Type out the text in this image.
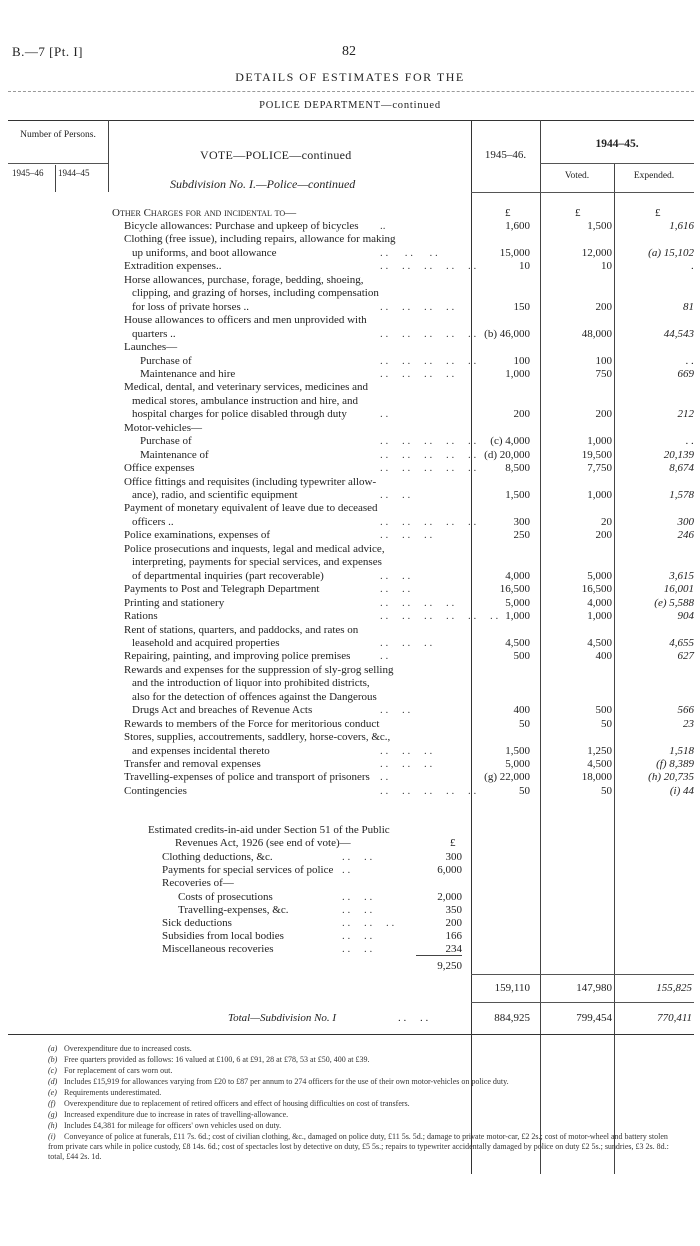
B.—7 [Pt. I]	82
DETAILS OF ESTIMATES FOR THE
POLICE DEPARTMENT—continued
Number of Persons.
1945–46 1944–45
VOTE—POLICE—continued
Subdivision No. I.—Police—continued
1945–46.
1944–45.
Voted.	Expended.
Other Charges for and incidental to—	£	£	£
Bicycle allowances: Purchase and upkeep of bicycles ..	1,600	1,500	1,616
Clothing (free issue), including repairs, allowance for making
up uniforms, and boot allowance	. .      . .      . .	15,000	12,000	(a) 15,102
Extradition expenses..	. .     . .     . .     . .     . .	10	10	.
Horse allowances, purchase, forage, bedding, shoeing,
clipping, and grazing of horses, including compensation
for loss of private horses ..	. .     . .     . .     . .	150	200	81
House allowances to officers and men unprovided with
quarters ..	. .     . .     . .     . .     . . (b) 46,000	48,000	44,543
Launches—
Purchase of	. .     . .     . .     . .     . .	100	100	. .
Maintenance and hire	. .     . .     . .     . .	1,000	750	669
Medical, dental, and veterinary services, medicines and
medical stores, ambulance instruction and hire, and
hospital charges for police disabled through duty	. .	200	200	212
Motor-vehicles—
Purchase of	. .     . .     . .     . .     . .	(c) 4,000	1,000	. .
Maintenance of	. .     . .     . .     . .     . . (d) 20,000	19,500	20,139
Office expenses	. .     . .     . .     . .     . .	8,500	7,750	8,674
Office fittings and requisites (including typewriter allow-
ance), radio, and scientific equipment	. .     . .	1,500	1,000	1,578
Payment of monetary equivalent of leave due to deceased
officers ..	. .     . .     . .     . .     . .	300	20	300
Police examinations, expenses of	. .     . .     . .	250	200	246
Police prosecutions and inquests, legal and medical advice,
interpreting, payments for special services, and expenses
of departmental inquiries (part recoverable)	. .     . .	4,000	5,000	3,615
Payments to Post and Telegraph Department	. .     . .	16,500	16,500	16,001
Printing and stationery	. .     . .     . .     . .	5,000	4,000	(e) 5,588
Rations	. .     . .     . .     . .     . .     . . 1,000	1,000	904
Rent of stations, quarters, and paddocks, and rates on
leasehold and acquired properties	. .     . .     . .	4,500	4,500	4,655
Repairing, painting, and improving police premises	. .	500	400	627
Rewards and expenses for the suppression of sly-grog selling
and the introduction of liquor into prohibited districts,
also for the detection of offences against the Dangerous
Drugs Act and breaches of Revenue Acts	. .     . .	400	500	566
Rewards to members of the Force for meritorious conduct	50	50	23
Stores, supplies, accoutrements, saddlery, horse-covers, &c.,
and expenses incidental thereto	. .     . .     . .	1,500	1,250	1,518
Transfer and removal expenses	. .     . .     . .	5,000	4,500	(f) 8,389
Travelling-expenses of police and transport of prisoners . .	(g) 22,000	18,000	(h) 20,735
Contingencies	. .     . .     . .     . .     . .	50	50	(i) 44
Estimated credits-in-aid under Section 51 of the Public
Revenues Act, 1926 (see end of vote)—	£
Clothing deductions, &c.	. .     . .	300
Payments for special services of police . .	6,000
Recoveries of—
Costs of prosecutions	. .     . .	2,000
Travelling-expenses, &c.	. .     . .	350
Sick deductions	. .     . .     . .	200
Subsidies from local bodies	. .     . .	166
Miscellaneous recoveries	. .     . .	234
9,250
159,110	147,980	155,825
Total—Subdivision No. I	. .     . .	884,925	799,454	770,411
(a) Overexpenditure due to increased costs.
(b) Free quarters provided as follows: 16 valued at £100, 6 at £91, 28 at £78, 53 at £50, 400 at £39.
(c) For replacement of cars worn out.
(d) Includes £15,919 for allowances varying from £20 to £87 per annum to 274 officers for the use of their own motor-vehicles on police duty.
(e) Requirements underestimated.
(f) Overexpenditure due to replacement of retired officers and effect of housing difficulties on cost of transfers.
(g) Increased expenditure due to increase in rates of travelling-allowance.
(h) Includes £4,381 for mileage for officers' own vehicles used on duty.
(i) Conveyance of police at funerals, £11 7s. 6d.; cost of civilian clothing, &c., damaged on police duty, £11 5s. 5d.; damage to private motor-car, £2 2s.; cost of motor-wheel and battery stolen from private cars while in police custody, £8 14s. 6d.; cost of spectacles lost by detective on duty, £5 5s.; repairs to typewriter accidentally damaged by police on duty £2 5s.; sundries, £3 2s. 8d.: total, £44 2s. 1d.
